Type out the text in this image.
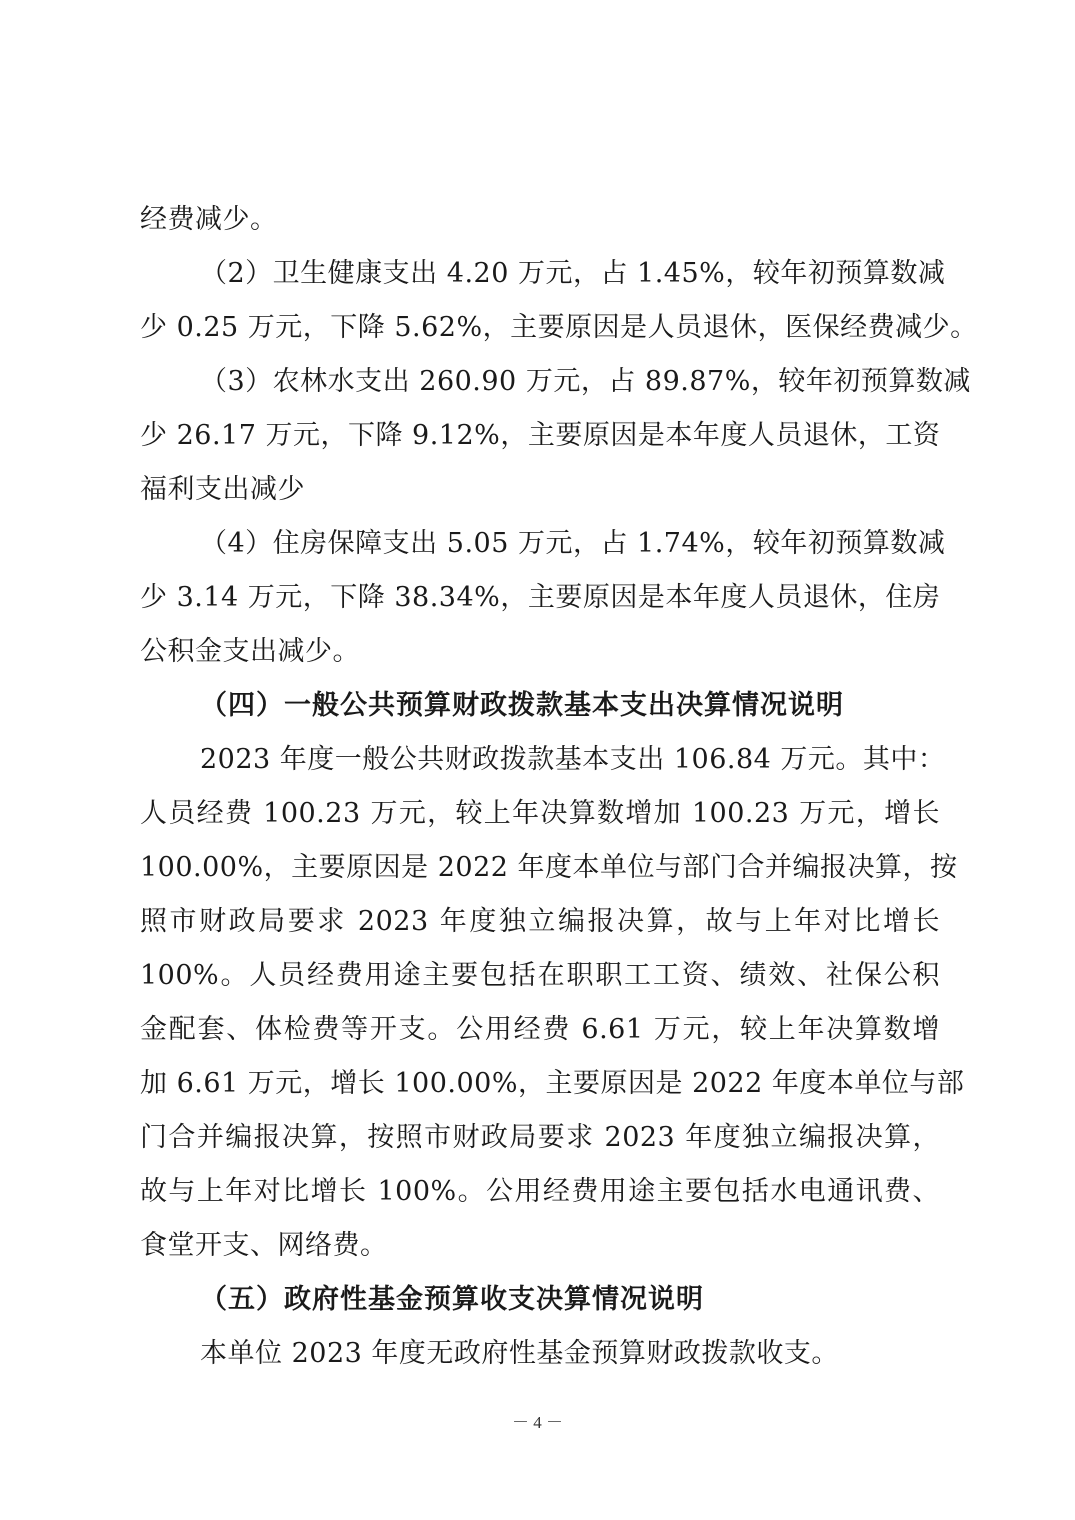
经费减少。
（2）卫生健康支出 4.20 万元，占 1.45%，较年初预算数减
少 0.25 万元，下降 5.62%，主要原因是人员退休，医保经费减少。
（3）农林水支出 260.90 万元，占 89.87%，较年初预算数减
少 26.17 万元，下降 9.12%，主要原因是本年度人员退休，工资
福利支出减少
（4）住房保障支出 5.05 万元，占 1.74%，较年初预算数减
少 3.14 万元，下降 38.34%，主要原因是本年度人员退休，住房
公积金支出减少。
（四）一般公共预算财政拨款基本支出决算情况说明
2023 年度一般公共财政拨款基本支出 106.84 万元。其中：
人员经费 100.23 万元，较上年决算数增加 100.23 万元，增长
100.00%，主要原因是 2022 年度本单位与部门合并编报决算，按
照市财政局要求 2023 年度独立编报决算，故与上年对比增长
100%。人员经费用途主要包括在职职工工资、绩效、社保公积
金配套、体检费等开支。公用经费 6.61 万元，较上年决算数增
加 6.61 万元，增长 100.00%，主要原因是 2022 年度本单位与部
门合并编报决算，按照市财政局要求 2023 年度独立编报决算，
故与上年对比增长 100%。公用经费用途主要包括水电通讯费、
食堂开支、网络费。
（五）政府性基金预算收支决算情况说明
本单位 2023 年度无政府性基金预算财政拨款收支。
－ 4 －
